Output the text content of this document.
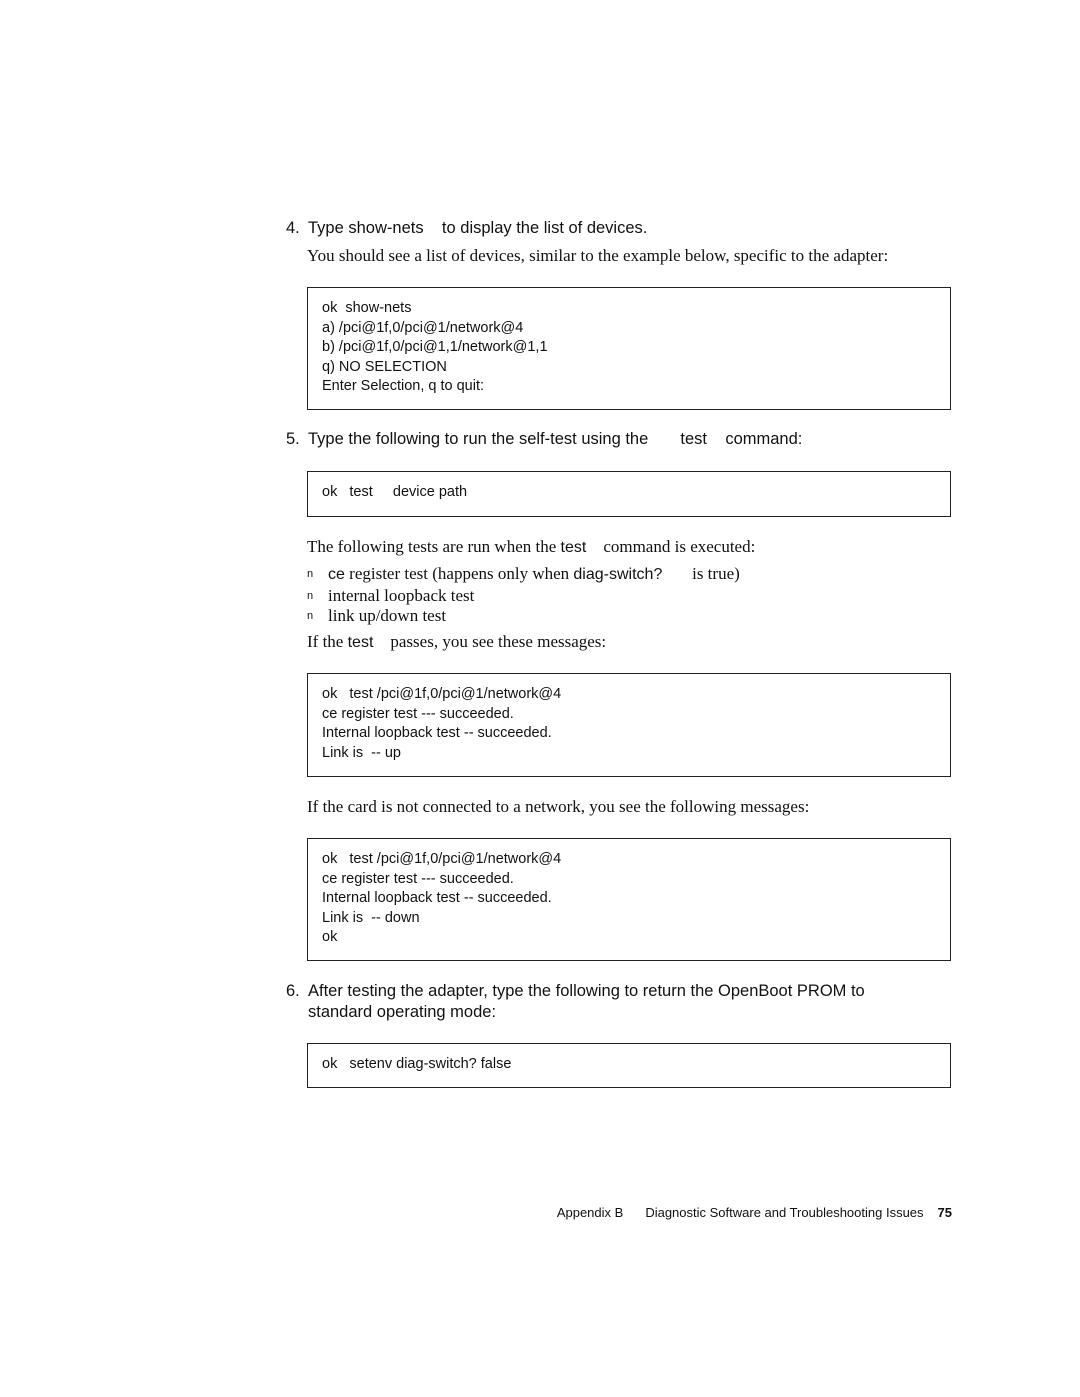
4. Type show-nets to display the list of devices.
You should see a list of devices, similar to the example below, specific to the adapter:
ok  show-nets
a) /pci@1f,0/pci@1/network@4
b) /pci@1f,0/pci@1,1/network@1,1
q) NO SELECTION
Enter Selection, q to quit:
5. Type the following to run the self-test using the test command:
ok   test     device path
The following tests are run when the test command is executed:
n ce register test (happens only when diag-switch? is true)
n internal loopback test
n link up/down test
If the test passes, you see these messages:
ok   test /pci@1f,0/pci@1/network@4
ce register test --- succeeded.
Internal loopback test -- succeeded.
Link is  -- up
If the card is not connected to a network, you see the following messages:
ok   test /pci@1f,0/pci@1/network@4
ce register test --- succeeded.
Internal loopback test -- succeeded.
Link is  -- down
ok
6. After testing the adapter, type the following to return the OpenBoot PROM to
standard operating mode:
ok   setenv diag-switch? false
Appendix B Diagnostic Software and Troubleshooting Issues 75
